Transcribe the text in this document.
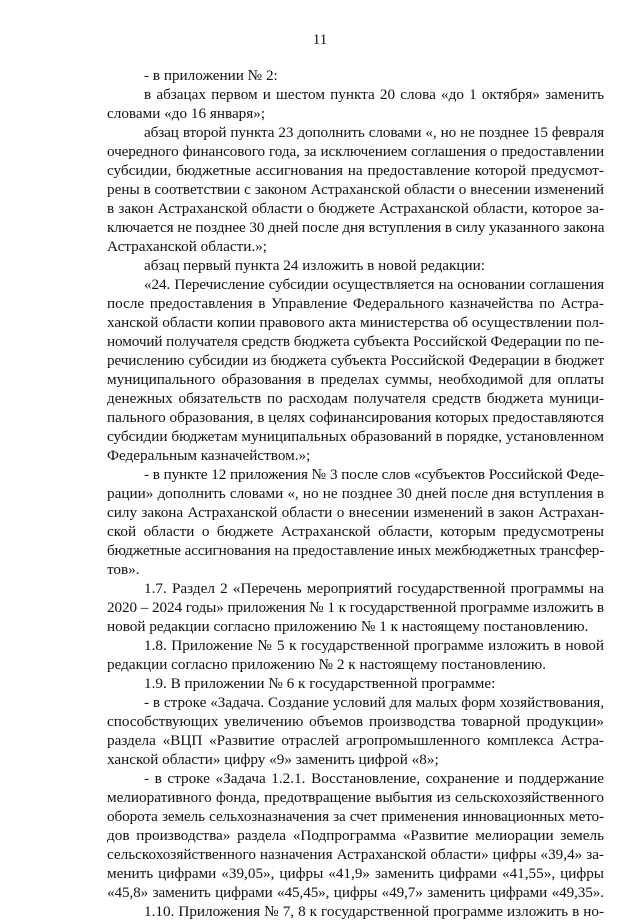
11
- в приложении № 2:
в абзацах первом и шестом пункта 20 слова «до 1 октября» заменить
словами «до 16 января»;
абзац второй пункта 23 дополнить словами «, но не позднее 15 февраля
очередного финансового года, за исключением соглашения о предоставлении
субсидии, бюджетные ассигнования на предоставление которой предусмот-
рены в соответствии с законом Астраханской области о внесении изменений
в закон Астраханской области о бюджете Астраханской области, которое за-
ключается не позднее 30 дней после дня вступления в силу указанного закона
Астраханской области.»;
абзац первый пункта 24 изложить в новой редакции:
«24. Перечисление субсидии осуществляется на основании соглашения
после предоставления в Управление Федерального казначейства по Астра-
ханской области копии правового акта министерства об осуществлении пол-
номочий получателя средств бюджета субъекта Российской Федерации по пе-
речислению субсидии из бюджета субъекта Российской Федерации в бюджет
муниципального образования в пределах суммы, необходимой для оплаты
денежных обязательств по расходам получателя средств бюджета муници-
пального образования, в целях софинансирования которых предоставляются
субсидии бюджетам муниципальных образований в порядке, установленном
Федеральным казначейством.»;
- в пункте 12 приложения № 3 после слов «субъектов Российской Феде-
рации» дополнить словами «, но не позднее 30 дней после дня вступления в
силу закона Астраханской области о внесении изменений в закон Астрахан-
ской области о бюджете Астраханской области, которым предусмотрены
бюджетные ассигнования на предоставление иных межбюджетных трансфер-
тов».
1.7. Раздел 2 «Перечень мероприятий государственной программы на
2020 – 2024 годы» приложения № 1 к государственной программе изложить в
новой редакции согласно приложению № 1 к настоящему постановлению.
1.8. Приложение № 5 к государственной программе изложить в новой
редакции согласно приложению № 2 к настоящему постановлению.
1.9. В приложении № 6 к государственной программе:
- в строке «Задача. Создание условий для малых форм хозяйствования,
способствующих увеличению объемов производства товарной продукции»
раздела «ВЦП «Развитие отраслей агропромышленного комплекса Астра-
ханской области» цифру «9» заменить цифрой «8»;
- в строке «Задача 1.2.1. Восстановление, сохранение и поддержание
мелиоративного фонда, предотвращение выбытия из сельскохозяйственного
оборота земель сельхозназначения за счет применения инновационных мето-
дов производства» раздела «Подпрограмма «Развитие мелиорации земель
сельскохозяйственного назначения Астраханской области» цифры «39,4» за-
менить цифрами «39,05», цифры «41,9» заменить цифрами «41,55», цифры
«45,8» заменить цифрами «45,45», цифры «49,7» заменить цифрами «49,35».
1.10. Приложения № 7, 8 к государственной программе изложить в но-
